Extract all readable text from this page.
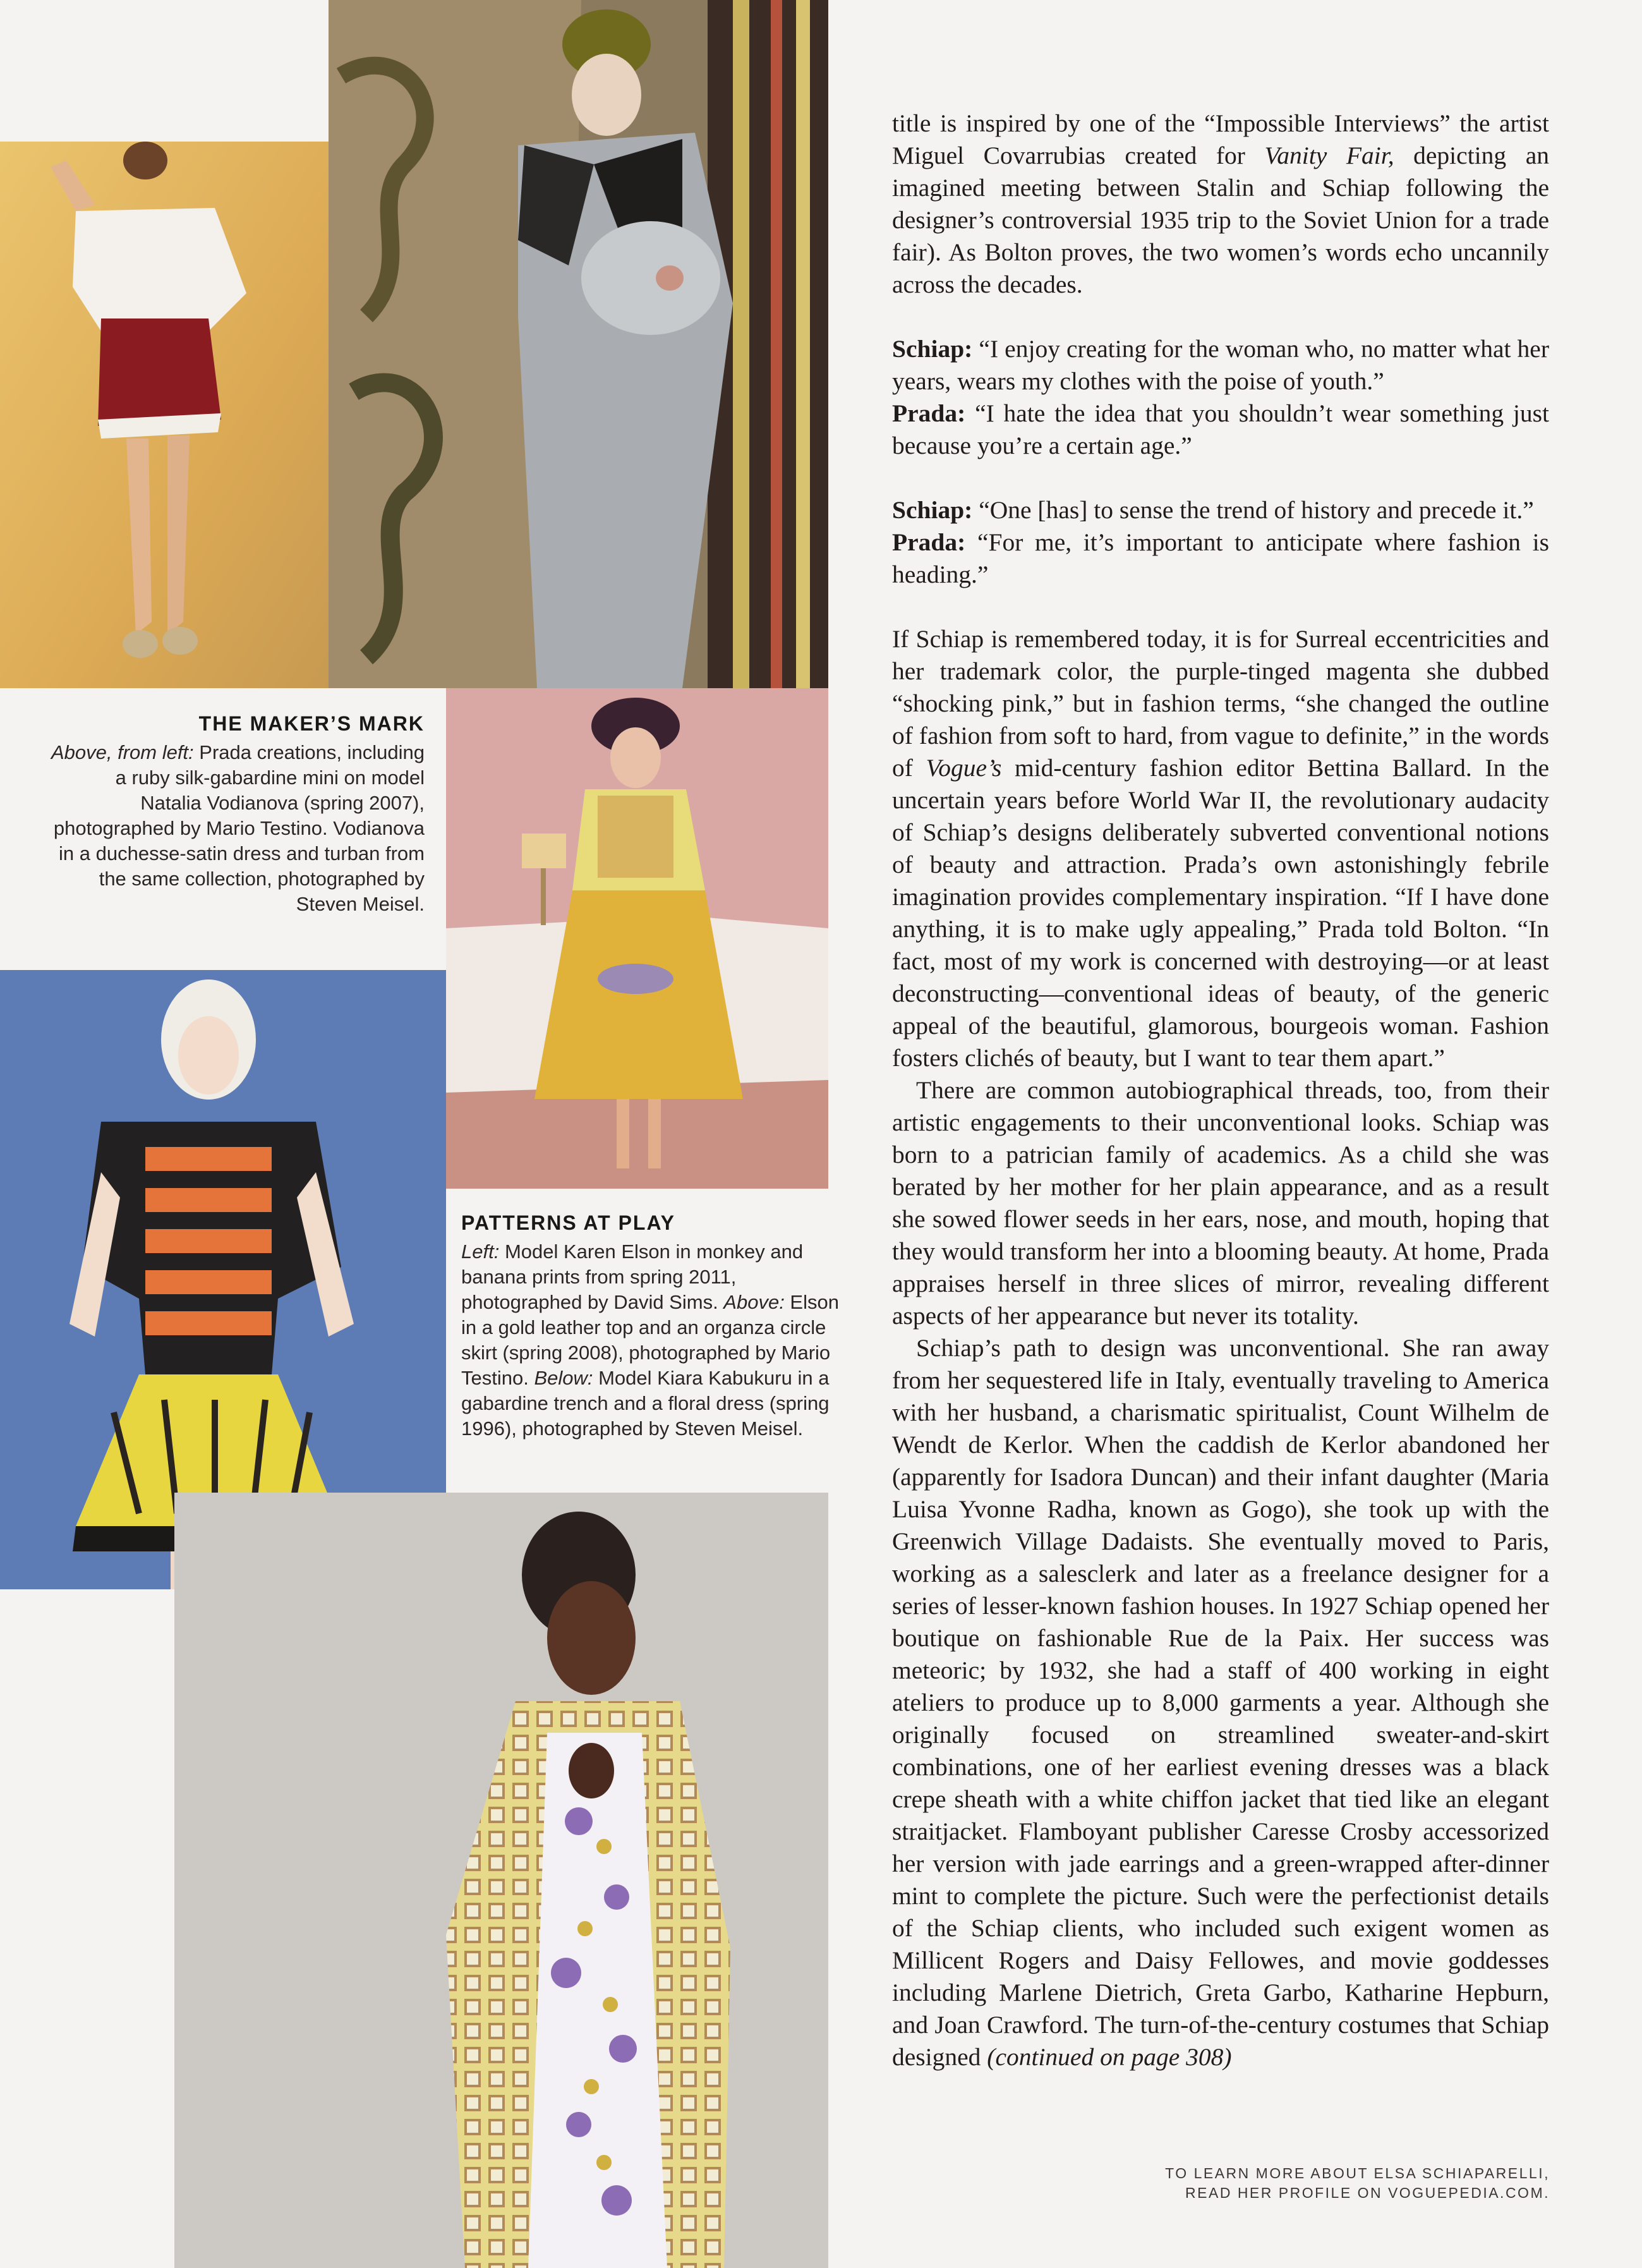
THE MAKER’S MARK

Above, from left: Prada creations, including a ruby silk-gabardine mini on model Natalia Vodianova (spring 2007), photographed by Mario Testino. Vodianova in a duchesse-satin dress and turban from the same collection, photographed by Steven Meisel.

PATTERNS AT PLAY

Left: Model Karen Elson in monkey and banana prints from spring 2011, photographed by David Sims. Above: Elson in a gold leather top and an organza circle skirt (spring 2008), photographed by Mario Testino. Below: Model Kiara Kabukuru in a gabardine trench and a floral dress (spring 1996), photographed by Steven Meisel.

title is inspired by one of the “Impossible Interviews” the artist Miguel Covarrubias created for Vanity Fair, depicting an imagined meeting between Stalin and Schiap following the designer’s controversial 1935 trip to the Soviet Union for a trade fair). As Bolton proves, the two women’s words echo uncannily across the decades.

Schiap: “I enjoy creating for the woman who, no matter what her years, wears my clothes with the poise of youth.”

Prada: “I hate the idea that you shouldn’t wear something just because you’re a certain age.”

Schiap: “One [has] to sense the trend of history and precede it.”

Prada: “For me, it’s important to anticipate where fashion is heading.”

If Schiap is remembered today, it is for Surreal eccentricities and her trademark color, the purple-tinged magenta she dubbed “shocking pink,” but in fashion terms, “she changed the outline of fashion from soft to hard, from vague to definite,” in the words of Vogue’s mid-century fashion editor Bettina Ballard. In the uncertain years before World War II, the revolutionary audacity of Schiap’s designs deliberately subverted conventional notions of beauty and attraction. Prada’s own astonishingly febrile imagination provides complementary inspiration. “If I have done anything, it is to make ugly appealing,” Prada told Bolton. “In fact, most of my work is concerned with destroying—or at least deconstructing—conventional ideas of beauty, of the generic appeal of the beautiful, glamorous, bourgeois woman. Fashion fosters clichés of beauty, but I want to tear them apart.”

There are common autobiographical threads, too, from their artistic engagements to their unconventional looks. Schiap was born to a patrician family of academics. As a child she was berated by her mother for her plain appearance, and as a result she sowed flower seeds in her ears, nose, and mouth, hoping that they would transform her into a blooming beauty. At home, Prada appraises herself in three slices of mirror, revealing different aspects of her appearance but never its totality.

Schiap’s path to design was unconventional. She ran away from her sequestered life in Italy, eventually traveling to America with her husband, a charismatic spiritualist, Count Wilhelm de Wendt de Kerlor. When the caddish de Kerlor abandoned her (apparently for Isadora Duncan) and their infant daughter (Maria Luisa Yvonne Radha, known as Gogo), she took up with the Greenwich Village Dadaists. She eventually moved to Paris, working as a salesclerk and later as a freelance designer for a series of lesser-known fashion houses. In 1927 Schiap opened her boutique on fashionable Rue de la Paix. Her success was meteoric; by 1932, she had a staff of 400 working in eight ateliers to produce up to 8,000 garments a year. Although she originally focused on streamlined sweater-and-skirt combinations, one of her earliest evening dresses was a black crepe sheath with a white chiffon jacket that tied like an elegant straitjacket. Flamboyant publisher Caresse Crosby accessorized her version with jade earrings and a green-wrapped after-dinner mint to complete the picture. Such were the perfectionist details of the Schiap clients, who included such exigent women as Millicent Rogers and Daisy Fellowes, and movie goddesses including Marlene Dietrich, Greta Garbo, Katharine Hepburn, and Joan Crawford. The turn-of-the-century costumes that Schiap designed (continued on page 308)

TO LEARN MORE ABOUT ELSA SCHIAPARELLI,
READ HER PROFILE ON VOGUEPEDIA.COM.
